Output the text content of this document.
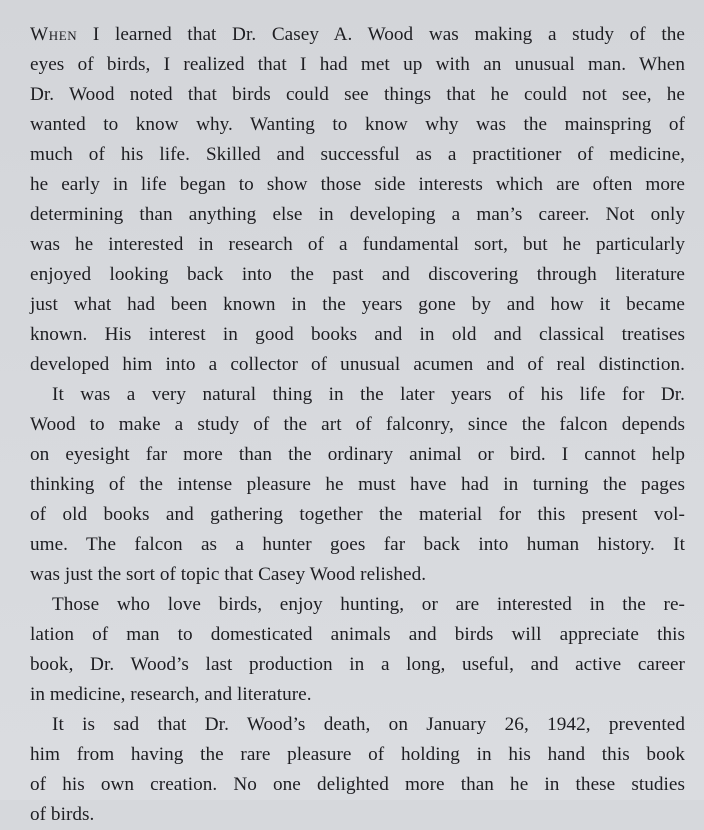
When I learned that Dr. Casey A. Wood was making a study of the
eyes of birds, I realized that I had met up with an unusual man. When
Dr. Wood noted that birds could see things that he could not see, he
wanted to know why. Wanting to know why was the mainspring of
much of his life. Skilled and successful as a practitioner of medicine,
he early in life began to show those side interests which are often more
determining than anything else in developing a man’s career. Not only
was he interested in research of a fundamental sort, but he particularly
enjoyed looking back into the past and discovering through literature
just what had been known in the years gone by and how it became
known. His interest in good books and in old and classical treatises
developed him into a collector of unusual acumen and of real distinction.
It was a very natural thing in the later years of his life for Dr.
Wood to make a study of the art of falconry, since the falcon depends
on eyesight far more than the ordinary animal or bird. I cannot help
thinking of the intense pleasure he must have had in turning the pages
of old books and gathering together the material for this present vol-
ume. The falcon as a hunter goes far back into human history. It
was just the sort of topic that Casey Wood relished.
Those who love birds, enjoy hunting, or are interested in the re-
lation of man to domesticated animals and birds will appreciate this
book, Dr. Wood’s last production in a long, useful, and active career
in medicine, research, and literature.
It is sad that Dr. Wood’s death, on January 26, 1942, prevented
him from having the rare pleasure of holding in his hand this book
of his own creation. No one delighted more than he in these studies
of birds.
